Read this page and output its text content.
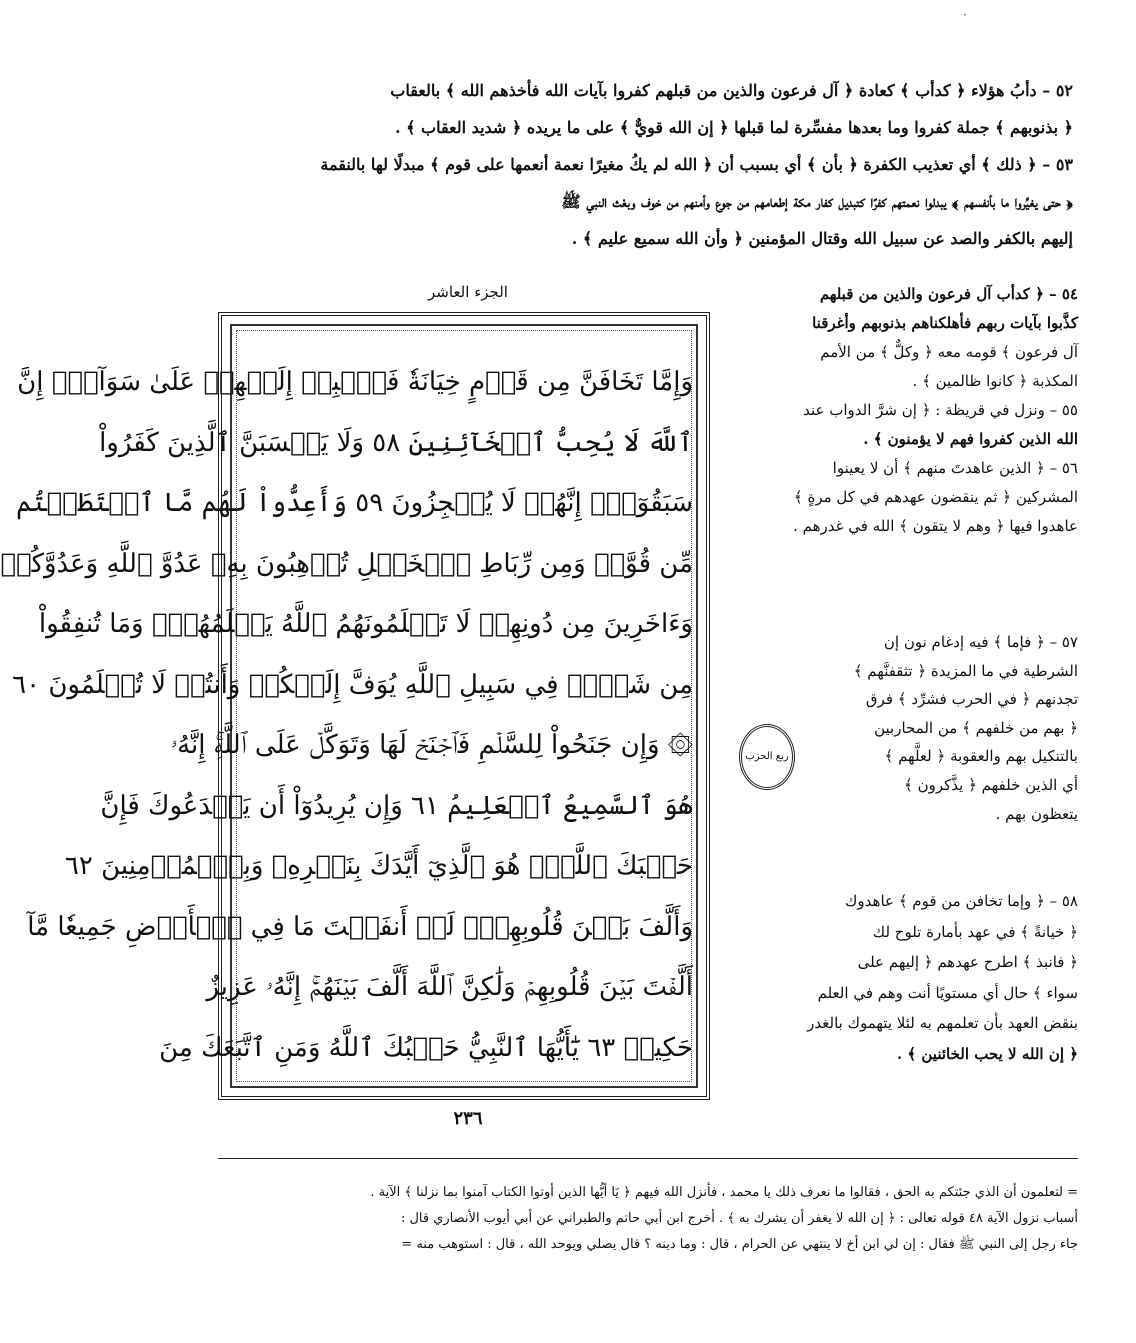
·
٥٢ – دأبُ هؤلاء ﴿ كدأب ﴾ كعادة ﴿ آل فرعون والذين من قبلهم كفروا بآيات الله فأخذهم الله ﴾ بالعقاب
﴿ بذنوبهم ﴾ جملة كفروا وما بعدها مفسِّرة لما قبلها ﴿ إن الله قويٌّ ﴾ على ما يريده ﴿ شديد العقاب ﴾ .
٥٣ – ﴿ ذلك ﴾ أي تعذيب الكفرة ﴿ بأن ﴾ أي بسبب أن ﴿ الله لم يكُ مغيرًا نعمة أنعمها على قوم ﴾ مبدلًا لها بالنقمة
﴿ حتى يغيِّروا ما بأنفسهم ﴾ يبدلوا نعمتهم كفرًا كتبديل كفار مكة إطعامهم من جوع وأمنهم من خوف وبعْث النبي ﷺ
إليهم بالكفر والصد عن سبيل الله وقتال المؤمنين ﴿ وأن الله سميع عليم ﴾ .
الجزء العاشر
وَإِمَّا تَخَافَنَّ مِن قَوۡمٍ خِيَانَةٗ فَٱنۢبِذۡ إِلَيۡهِمۡ عَلَىٰ سَوَآءٍۚ إِنَّ
ٱللَّهَ لَا يُحِبُّ ٱلۡخَآئِنِينَ ٥٨ وَلَا يَحۡسَبَنَّ ٱلَّذِينَ كَفَرُواْ
سَبَقُوٓاْۚ إِنَّهُمۡ لَا يُعۡجِزُونَ ٥٩ وَأَعِدُّواْ لَهُم مَّا ٱسۡتَطَعۡتُم
مِّن قُوَّةٖ وَمِن رِّبَاطِ ٱلۡخَيۡلِ تُرۡهِبُونَ بِهِۦ عَدُوَّ ٱللَّهِ وَعَدُوَّكُمۡ
وَءَاخَرِينَ مِن دُونِهِمۡ لَا تَعۡلَمُونَهُمُ ٱللَّهُ يَعۡلَمُهُمۡۚ وَمَا تُنفِقُواْ
مِن شَيۡءٖ فِي سَبِيلِ ٱللَّهِ يُوَفَّ إِلَيۡكُمۡ وَأَنتُمۡ لَا تُظۡلَمُونَ ٦٠
۞ وَإِن جَنَحُواْ لِلسَّلۡمِ فَٱجۡنَحۡ لَهَا وَتَوَكَّلۡ عَلَى ٱللَّهِۚ إِنَّهُۥ
هُوَ ٱلسَّمِيعُ ٱلۡعَلِيمُ ٦١ وَإِن يُرِيدُوٓاْ أَن يَخۡدَعُوكَ فَإِنَّ
حَسۡبَكَ ٱللَّهُۚ هُوَ ٱلَّذِيٓ أَيَّدَكَ بِنَصۡرِهِۦ وَبِٱلۡمُؤۡمِنِينَ ٦٢
وَأَلَّفَ بَيۡنَ قُلُوبِهِمۡۚ لَوۡ أَنفَقۡتَ مَا فِي ٱلۡأَرۡضِ جَمِيعٗا مَّآ
أَلَّفۡتَ بَيۡنَ قُلُوبِهِمۡ وَلَٰكِنَّ ٱللَّهَ أَلَّفَ بَيۡنَهُمۡۚ إِنَّهُۥ عَزِيزٌ
حَكِيمٞ ٦٣ يَٰٓأَيُّهَا ٱلنَّبِيُّ حَسۡبُكَ ٱللَّهُ وَمَنِ ٱتَّبَعَكَ مِنَ
٢٣٦
٥٤ – ﴿ كدأب آل فرعون والذين من قبلهم
كذَّبوا بآيات ربهم فأهلكناهم بذنوبهم وأغرقنا
آل فرعون ﴾ قومه معه ﴿ وكلٌّ ﴾ من الأمم
المكذبة ﴿ كانوا ظالمين ﴾ .
٥٥ – ونزل في قريظة : ﴿ إن شرَّ الدواب عند
الله الذين كفروا فهم لا يؤمنون ﴾ .
٥٦ – ﴿ الذين عاهدتَ منهم ﴾ أن لا يعينوا
المشركين ﴿ ثم ينقضون عهدهم في كل مرةٍ ﴾
عاهدوا فيها ﴿ وهم لا يتقون ﴾ الله في غدرهم .
٥٧ – ﴿ فإما ﴾ فيه إدغام نون إن
الشرطية في ما المزيدة ﴿ تثقفنَّهم ﴾
تجدنهم ﴿ في الحرب فشرِّد ﴾ فرق
﴿ بهم من خلفهم ﴾ من المحاربين
بالتنكيل بهم والعقوبة ﴿ لعلَّهم ﴾
أي الذين خلفهم ﴿ يذَّكرون ﴾
يتعظون بهم .
ربع الحزب
٥٨ – ﴿ وإما تخافن من قوم ﴾ عاهدوك
﴿ خيانةً ﴾ في عهد بأمارة تلوح لك
﴿ فانبذ ﴾ اطرح عهدهم ﴿ إليهم على
سواء ﴾ حال أي مستويًا أنت وهم في العلم
بنقض العهد بأن تعلمهم به لئلا يتهموك بالغدر
﴿ إن الله لا يحب الخائنين ﴾ .
= لتعلمون أن الذي جئتكم به الحق ، فقالوا ما نعرف ذلك يا محمد ، فأنزل الله فيهم ﴿ يَا أيُّها الذين أوتوا الكتاب آمنوا بما نزلنا ﴾ الآية .
أسباب نزول الآية ٤٨ قوله تعالى : ﴿ إن الله لا يغفر أن يشرك به ﴾ . أخرج ابن أبي حاتم والطبراني عن أبي أيوب الأنصاري قال :
جاء رجل إلى النبي ﷺ فقال : إن لي ابن أخ لا ينتهي عن الحرام ، قال : وما دينه ؟ قال يصلي ويوحد الله ، قال : استوهب منه =
